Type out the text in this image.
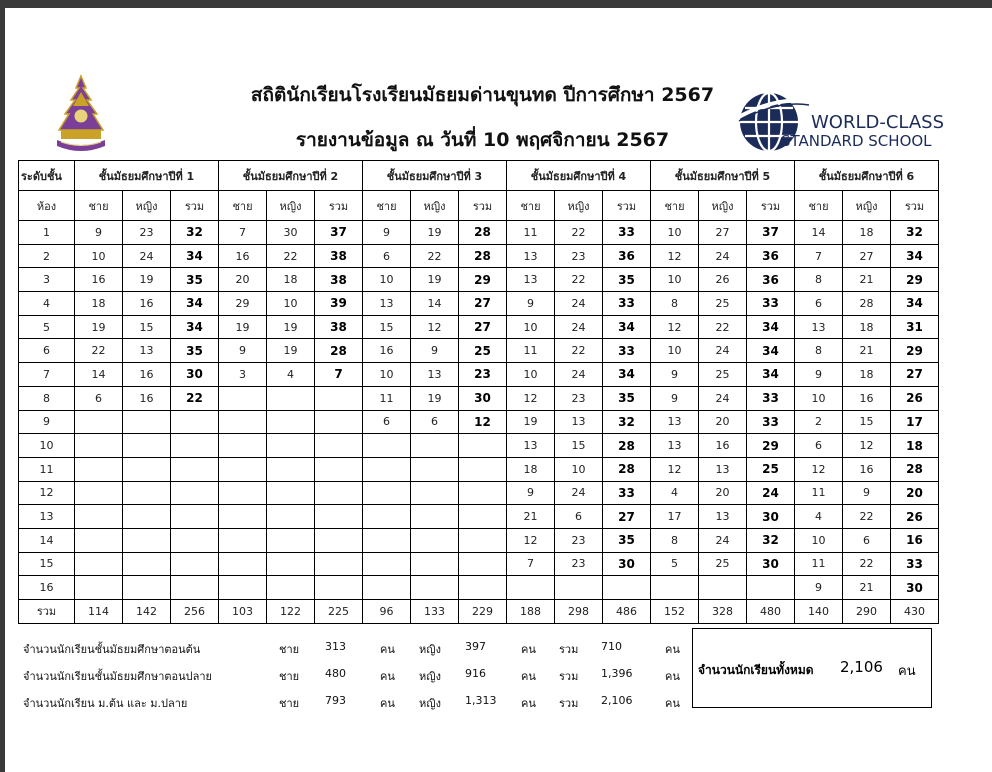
สถิตินักเรียนโรงเรียนมัธยมด่านขุนทด ปีการศึกษา 2567
รายงานข้อมูล ณ วันที่ 10 พฤศจิกายน 2567
WORLD-CLASS
STANDARD SCHOOL
ระดับชั้น	ชั้นมัธยมศึกษาปีที่ 1			ชั้นมัธยมศึกษาปีที่ 2			ชั้นมัธยมศึกษาปีที่ 3			ชั้นมัธยมศึกษาปีที่ 4			ชั้นมัธยมศึกษาปีที่ 5			ชั้นมัธยมศึกษาปีที่ 6		
ห้อง	ชาย	หญิง	รวม	ชาย	หญิง	รวม	ชาย	หญิง	รวม	ชาย	หญิง	รวม	ชาย	หญิง	รวม	ชาย	หญิง	รวม
1	9	23	32	7	30	37	9	19	28	11	22	33	10	27	37	14	18	32
2	10	24	34	16	22	38	6	22	28	13	23	36	12	24	36	7	27	34
3	16	19	35	20	18	38	10	19	29	13	22	35	10	26	36	8	21	29
4	18	16	34	29	10	39	13	14	27	9	24	33	8	25	33	6	28	34
5	19	15	34	19	19	38	15	12	27	10	24	34	12	22	34	13	18	31
6	22	13	35	9	19	28	16	9	25	11	22	33	10	24	34	8	21	29
7	14	16	30	3	4	7	10	13	23	10	24	34	9	25	34	9	18	27
8	6	16	22				11	19	30	12	23	35	9	24	33	10	16	26
9							6	6	12	19	13	32	13	20	33	2	15	17
10										13	15	28	13	16	29	6	12	18
11										18	10	28	12	13	25	12	16	28
12										9	24	33	4	20	24	11	9	20
13										21	6	27	17	13	30	4	22	26
14										12	23	35	8	24	32	10	6	16
15										7	23	30	5	25	30	11	22	33
16																9	21	30
รวม	114	142	256	103	122	225	96	133	229	188	298	486	152	328	480	140	290	430
จำนวนนักเรียนชั้นมัธยมศึกษาตอนต้น	ชาย 313	คน หญิง 397	คน รวม 710	คน
จำนวนนักเรียนชั้นมัธยมศึกษาตอนปลาย	ชาย 480	คน หญิง 916	คน รวม 1,396	คน
จำนวนนักเรียน ม.ต้น และ ม.ปลาย	ชาย 793	คน หญิง 1,313 คน รวม 2,106	คน
จำนวนนักเรียนทั้งหมด 2,106 คน
